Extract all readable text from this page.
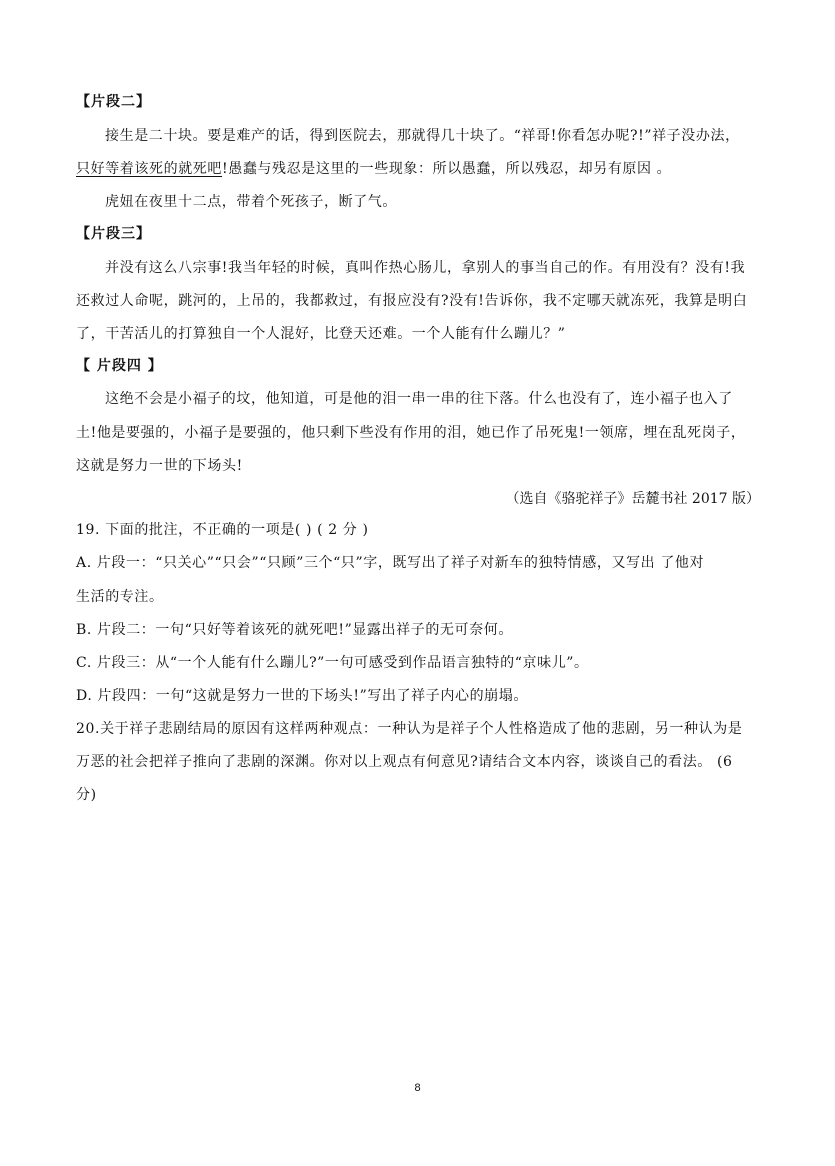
【片段二】
接生是二十块。要是难产的话，得到医院去，那就得几十块了。“祥哥!你看怎办呢?!”祥子没办法，
只好等着该死的就死吧!愚蠢与残忍是这里的一些现象：所以愚蠢，所以残忍，却另有原因 。
虎妞在夜里十二点，带着个死孩子，断了气。
【片段三】
并没有这么八宗事!我当年轻的时候，真叫作热心肠儿，拿别人的事当自己的作。有用没有？没有!我
还救过人命呢，跳河的，上吊的，我都救过，有报应没有?没有!告诉你，我不定哪天就冻死，我算是明白
了，干苦活儿的打算独自一个人混好，比登天还难。一个人能有什么蹦儿？”
【 片段四 】
这绝不会是小福子的坟，他知道，可是他的泪一串一串的往下落。什么也没有了，连小福子也入了
土!他是要强的，小福子是要强的，他只剩下些没有作用的泪，她已作了吊死鬼!一领席，埋在乱死岗子，
这就是努力一世的下场头!
（选自《骆驼祥子》岳麓书社 2017 版）
19. 下面的批注，不正确的一项是( ) ( 2 分 )
A. 片段一：“只关心”“只会”“只顾”三个“只”字，既写出了祥子对新车的独特情感，又写出 了他对
生活的专注。
B. 片段二：一句“只好等着该死的就死吧!”显露出祥子的无可奈何。
C. 片段三：从“一个人能有什么蹦儿?”一句可感受到作品语言独特的“京味儿”。
D. 片段四：一句“这就是努力一世的下场头!”写出了祥子内心的崩塌。
20.关于祥子悲剧结局的原因有这样两种观点：一种认为是祥子个人性格造成了他的悲剧，另一种认为是
万恶的社会把祥子推向了悲剧的深渊。你对以上观点有何意见?请结合文本内容，谈谈自己的看法。 (6
分)
8
